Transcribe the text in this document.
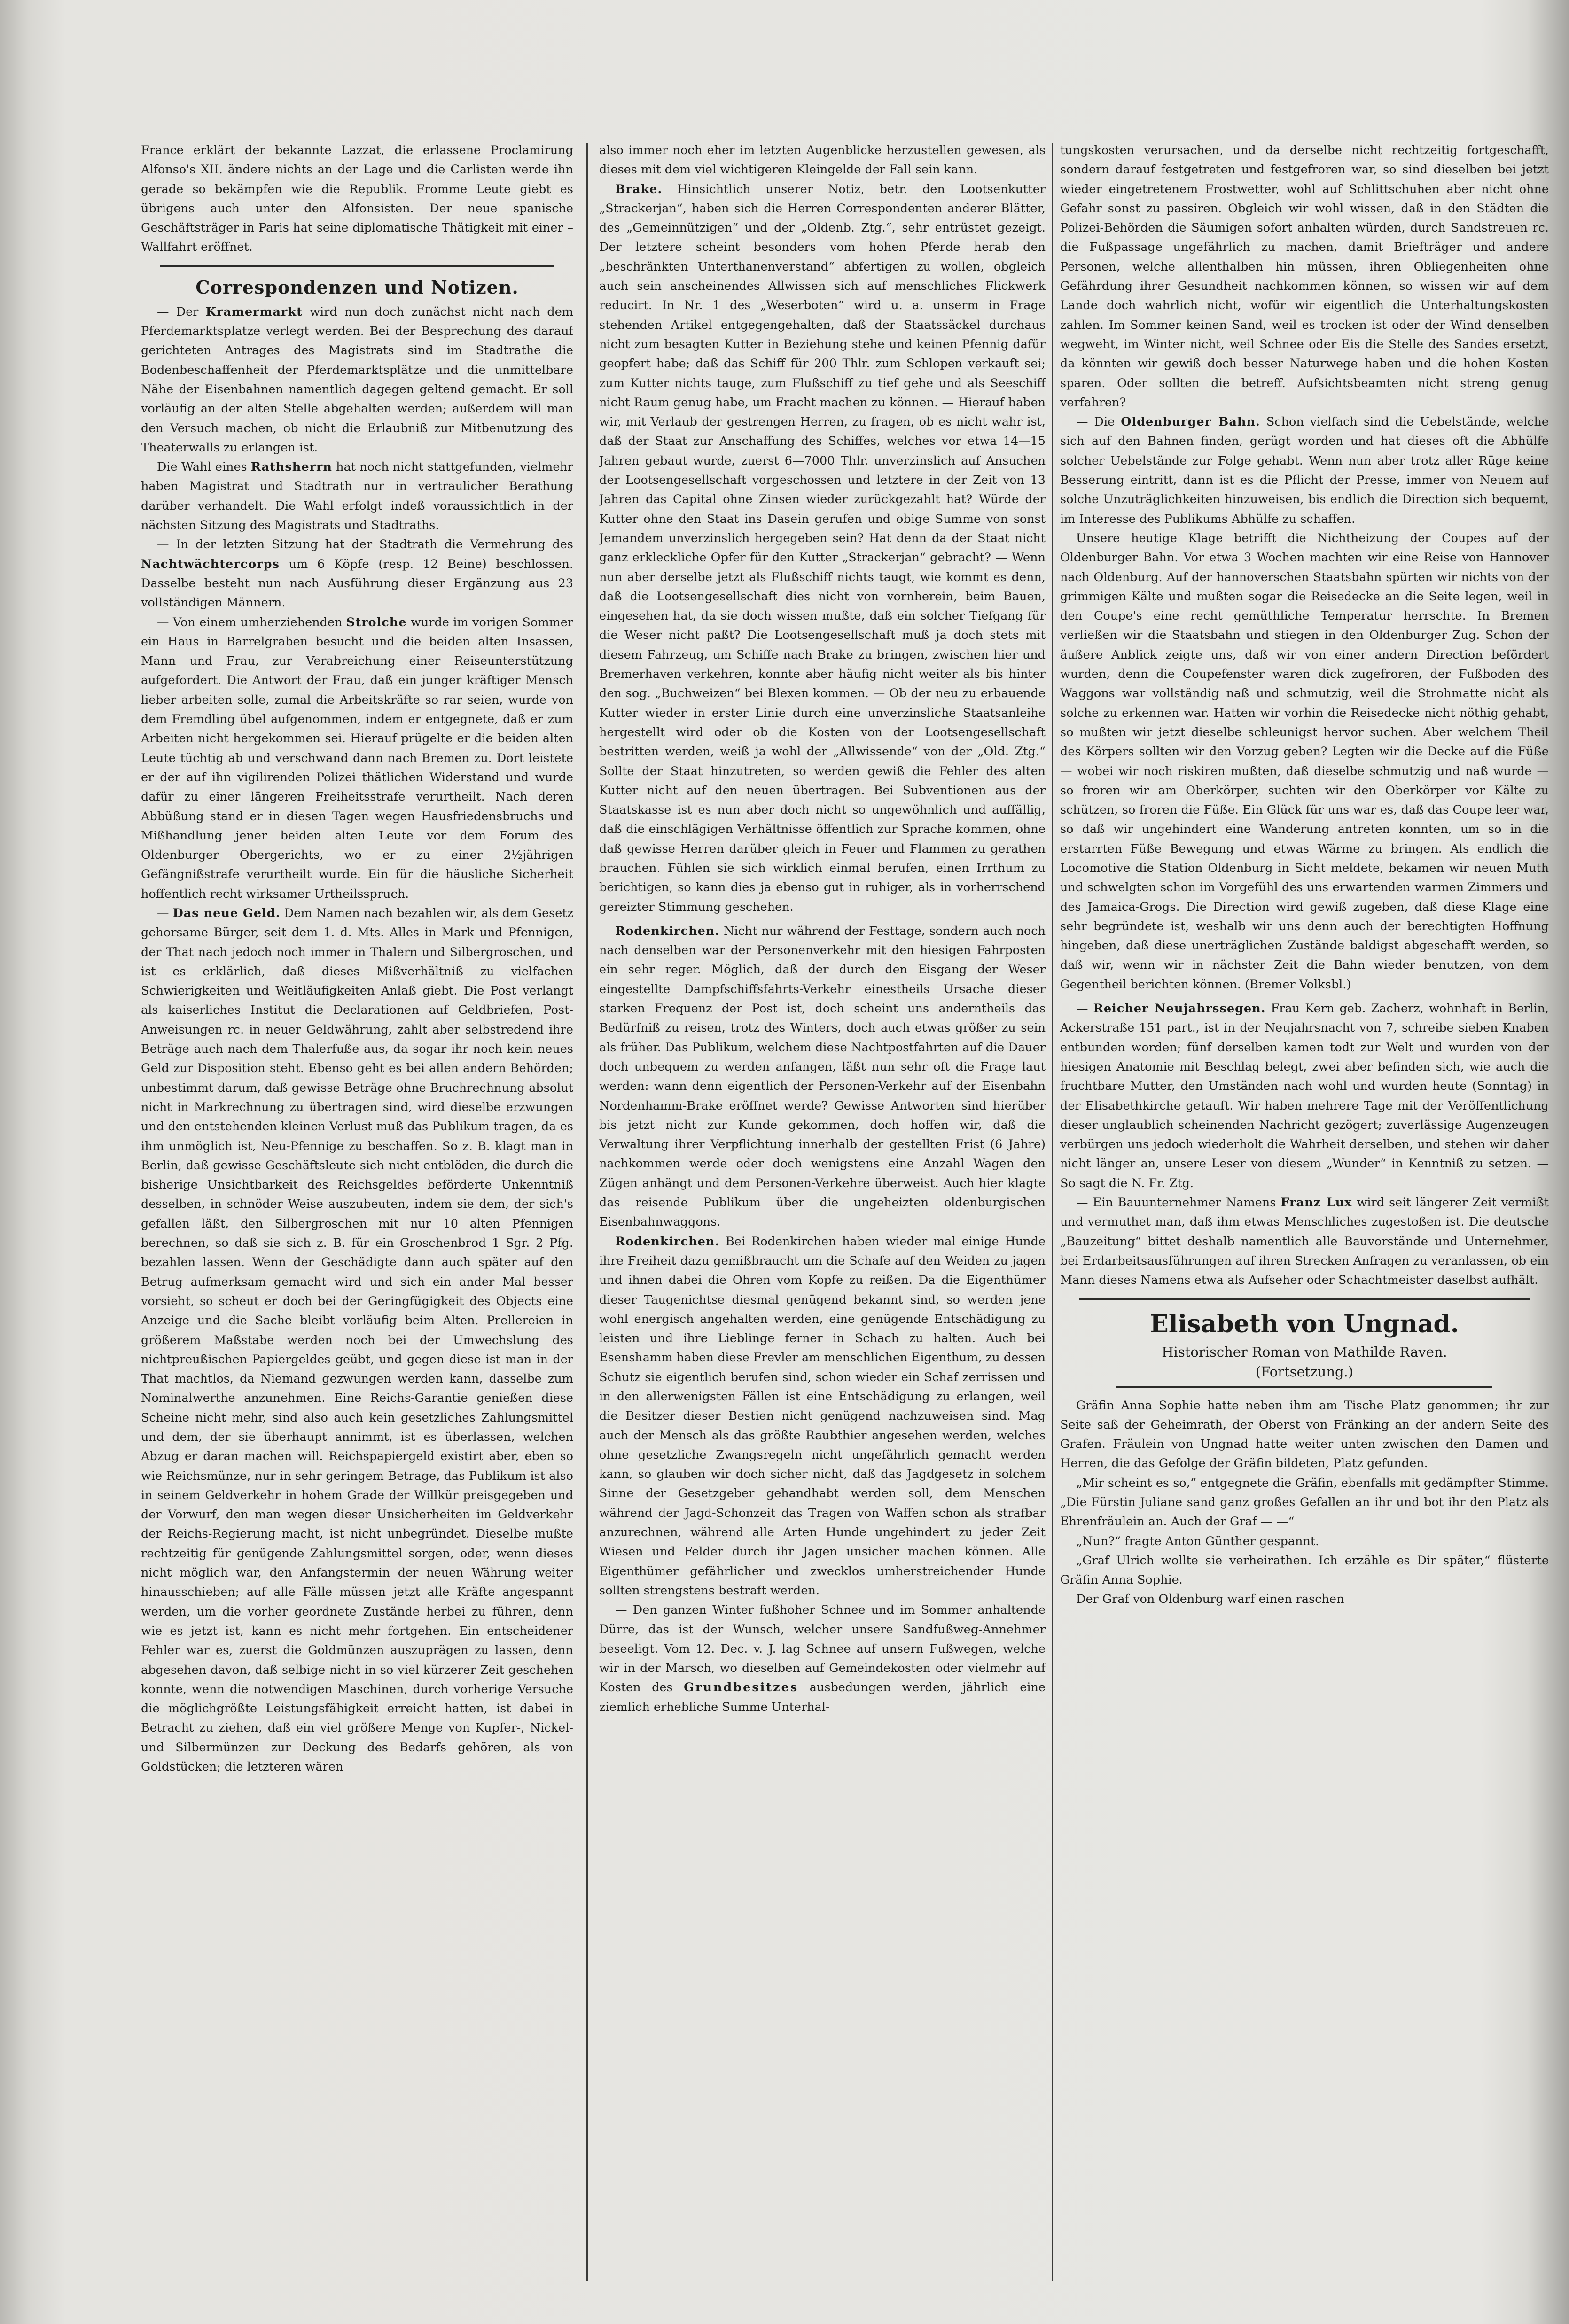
France erklärt der bekannte Lazzat, die erlassene Proclamirung Alfonso's XII. ändere nichts an der Lage und die Carlisten werde ihn gerade so bekämpfen wie die Republik. Fromme Leute giebt es übrigens auch unter den Alfonsisten. Der neue spanische Geschäftsträger in Paris hat seine diplomatische Thätigkeit mit einer – Wallfahrt eröffnet.

Correspondenzen und Notizen.

— Der Kramermarkt wird nun doch zunächst nicht nach dem Pferdemarktsplatze verlegt werden. Bei der Besprechung des darauf gerichteten Antrages des Magistrats sind im Stadtrathe die Bodenbeschaffenheit der Pferdemarktsplätze und die unmittelbare Nähe der Eisenbahnen namentlich dagegen geltend gemacht. Er soll vorläufig an der alten Stelle abgehalten werden; außerdem will man den Versuch machen, ob nicht die Erlaubniß zur Mitbenutzung des Theaterwalls zu erlangen ist.

Die Wahl eines Rathsherrn hat noch nicht stattgefunden, vielmehr haben Magistrat und Stadtrath nur in vertraulicher Berathung darüber verhandelt. Die Wahl erfolgt indeß voraussichtlich in der nächsten Sitzung des Magistrats und Stadtraths.

— In der letzten Sitzung hat der Stadtrath die Vermehrung des Nachtwächtercorps um 6 Köpfe (resp. 12 Beine) beschlossen. Dasselbe besteht nun nach Ausführung dieser Ergänzung aus 23 vollständigen Männern.

— Von einem umherziehenden Strolche wurde im vorigen Sommer ein Haus in Barrelgraben besucht und die beiden alten Insassen, Mann und Frau, zur Verabreichung einer Reiseunterstützung aufgefordert. Die Antwort der Frau, daß ein junger kräftiger Mensch lieber arbeiten solle, zumal die Arbeitskräfte so rar seien, wurde von dem Fremdling übel aufgenommen, indem er entgegnete, daß er zum Arbeiten nicht hergekommen sei. Hierauf prügelte er die beiden alten Leute tüchtig ab und verschwand dann nach Bremen zu. Dort leistete er der auf ihn vigilirenden Polizei thätlichen Widerstand und wurde dafür zu einer längeren Freiheitsstrafe verurtheilt. Nach deren Abbüßung stand er in diesen Tagen wegen Hausfriedensbruchs und Mißhandlung jener beiden alten Leute vor dem Forum des Oldenburger Obergerichts, wo er zu einer 2½jährigen Gefängnißstrafe verurtheilt wurde. Ein für die häusliche Sicherheit hoffentlich recht wirksamer Urtheilsspruch.

— Das neue Geld. Dem Namen nach bezahlen wir, als dem Gesetz gehorsame Bürger, seit dem 1. d. Mts. Alles in Mark und Pfennigen, der That nach jedoch noch immer in Thalern und Silbergroschen, und ist es erklärlich, daß dieses Mißverhältniß zu vielfachen Schwierigkeiten und Weitläufigkeiten Anlaß giebt. Die Post verlangt als kaiserliches Institut die Declarationen auf Geldbriefen, Post-Anweisungen rc. in neuer Geldwährung, zahlt aber selbstredend ihre Beträge auch nach dem Thalerfuße aus, da sogar ihr noch kein neues Geld zur Disposition steht. Ebenso geht es bei allen andern Behörden; unbestimmt darum, daß gewisse Beträge ohne Bruchrechnung absolut nicht in Markrechnung zu übertragen sind, wird dieselbe erzwungen und den entstehenden kleinen Verlust muß das Publikum tragen, da es ihm unmöglich ist, Neu-Pfennige zu beschaffen. So z. B. klagt man in Berlin, daß gewisse Geschäftsleute sich nicht entblöden, die durch die bisherige Unsichtbarkeit des Reichsgeldes beförderte Unkenntniß desselben, in schnöder Weise auszubeuten, indem sie dem, der sich's gefallen läßt, den Silbergroschen mit nur 10 alten Pfennigen berechnen, so daß sie sich z. B. für ein Groschenbrod 1 Sgr. 2 Pfg. bezahlen lassen. Wenn der Geschädigte dann auch später auf den Betrug aufmerksam gemacht wird und sich ein ander Mal besser vorsieht, so scheut er doch bei der Geringfügigkeit des Objects eine Anzeige und die Sache bleibt vorläufig beim Alten. Prellereien in größerem Maßstabe werden noch bei der Umwechslung des nichtpreußischen Papiergeldes geübt, und gegen diese ist man in der That machtlos, da Niemand gezwungen werden kann, dasselbe zum Nominalwerthe anzunehmen. Eine Reichs-Garantie genießen diese Scheine nicht mehr, sind also auch kein gesetzliches Zahlungsmittel und dem, der sie überhaupt annimmt, ist es überlassen, welchen Abzug er daran machen will. Reichspapiergeld existirt aber, eben so wie Reichsmünze, nur in sehr geringem Betrage, das Publikum ist also in seinem Geldverkehr in hohem Grade der Willkür preisgegeben und der Vorwurf, den man wegen dieser Unsicherheiten im Geldverkehr der Reichs-Regierung macht, ist nicht unbegründet. Dieselbe mußte rechtzeitig für genügende Zahlungsmittel sorgen, oder, wenn dieses nicht möglich war, den Anfangstermin der neuen Währung weiter hinausschieben; auf alle Fälle müssen jetzt alle Kräfte angespannt werden, um die vorher geordnete Zustände herbei zu führen, denn wie es jetzt ist, kann es nicht mehr fortgehen. Ein entscheidener Fehler war es, zuerst die Goldmünzen auszuprägen zu lassen, denn abgesehen davon, daß selbige nicht in so viel kürzerer Zeit geschehen konnte, wenn die notwendigen Maschinen, durch vorherige Versuche die möglichgrößte Leistungsfähigkeit erreicht hatten, ist dabei in Betracht zu ziehen, daß ein viel größere Menge von Kupfer-, Nickel- und Silbermünzen zur Deckung des Bedarfs gehören, als von Goldstücken; die letzteren wären

also immer noch eher im letzten Augenblicke herzustellen gewesen, als dieses mit dem viel wichtigeren Kleingelde der Fall sein kann.

Brake. Hinsichtlich unserer Notiz, betr. den Lootsenkutter „Strackerjan“, haben sich die Herren Correspondenten anderer Blätter, des „Gemeinnützigen“ und der „Oldenb. Ztg.“, sehr entrüstet gezeigt. Der letztere scheint besonders vom hohen Pferde herab den „beschränkten Unterthanenverstand“ abfertigen zu wollen, obgleich auch sein anscheinendes Allwissen sich auf menschliches Flickwerk reducirt. In Nr. 1 des „Weserboten“ wird u. a. unserm in Frage stehenden Artikel entgegengehalten, daß der Staatssäckel durchaus nicht zum besagten Kutter in Beziehung stehe und keinen Pfennig dafür geopfert habe; daß das Schiff für 200 Thlr. zum Schlopen verkauft sei; zum Kutter nichts tauge, zum Flußschiff zu tief gehe und als Seeschiff nicht Raum genug habe, um Fracht machen zu können. — Hierauf haben wir, mit Verlaub der gestrengen Herren, zu fragen, ob es nicht wahr ist, daß der Staat zur Anschaffung des Schiffes, welches vor etwa 14—15 Jahren gebaut wurde, zuerst 6—7000 Thlr. unverzinslich auf Ansuchen der Lootsengesellschaft vorgeschossen und letztere in der Zeit von 13 Jahren das Capital ohne Zinsen wieder zurückgezahlt hat? Würde der Kutter ohne den Staat ins Dasein gerufen und obige Summe von sonst Jemandem unverzinslich hergegeben sein? Hat denn da der Staat nicht ganz erkleckliche Opfer für den Kutter „Strackerjan“ gebracht? — Wenn nun aber derselbe jetzt als Flußschiff nichts taugt, wie kommt es denn, daß die Lootsengesellschaft dies nicht von vornherein, beim Bauen, eingesehen hat, da sie doch wissen mußte, daß ein solcher Tiefgang für die Weser nicht paßt? Die Lootsengesellschaft muß ja doch stets mit diesem Fahrzeug, um Schiffe nach Brake zu bringen, zwischen hier und Bremerhaven verkehren, konnte aber häufig nicht weiter als bis hinter den sog. „Buchweizen“ bei Blexen kommen. — Ob der neu zu erbauende Kutter wieder in erster Linie durch eine unverzinsliche Staatsanleihe hergestellt wird oder ob die Kosten von der Lootsengesellschaft bestritten werden, weiß ja wohl der „Allwissende“ von der „Old. Ztg.“ Sollte der Staat hinzutreten, so werden gewiß die Fehler des alten Kutter nicht auf den neuen übertragen. Bei Subventionen aus der Staatskasse ist es nun aber doch nicht so ungewöhnlich und auffällig, daß die einschlägigen Verhältnisse öffentlich zur Sprache kommen, ohne daß gewisse Herren darüber gleich in Feuer und Flammen zu gerathen brauchen. Fühlen sie sich wirklich einmal berufen, einen Irrthum zu berichtigen, so kann dies ja ebenso gut in ruhiger, als in vorherrschend gereizter Stimmung geschehen.

Rodenkirchen. Nicht nur während der Festtage, sondern auch noch nach denselben war der Personenverkehr mit den hiesigen Fahrposten ein sehr reger. Möglich, daß der durch den Eisgang der Weser eingestellte Dampfschiffsfahrts-Verkehr einestheils Ursache dieser starken Frequenz der Post ist, doch scheint uns anderntheils das Bedürfniß zu reisen, trotz des Winters, doch auch etwas größer zu sein als früher. Das Publikum, welchem diese Nachtpostfahrten auf die Dauer doch unbequem zu werden anfangen, läßt nun sehr oft die Frage laut werden: wann denn eigentlich der Personen-Verkehr auf der Eisenbahn Nordenhamm-Brake eröffnet werde? Gewisse Antworten sind hierüber bis jetzt nicht zur Kunde gekommen, doch hoffen wir, daß die Verwaltung ihrer Verpflichtung innerhalb der gestellten Frist (6 Jahre) nachkommen werde oder doch wenigstens eine Anzahl Wagen den Zügen anhängt und dem Personen-Verkehre überweist. Auch hier klagte das reisende Publikum über die ungeheizten oldenburgischen Eisenbahnwaggons.

Rodenkirchen. Bei Rodenkirchen haben wieder mal einige Hunde ihre Freiheit dazu gemißbraucht um die Schafe auf den Weiden zu jagen und ihnen dabei die Ohren vom Kopfe zu reißen. Da die Eigenthümer dieser Taugenichtse diesmal genügend bekannt sind, so werden jene wohl energisch angehalten werden, eine genügende Entschädigung zu leisten und ihre Lieblinge ferner in Schach zu halten. Auch bei Esenshamm haben diese Frevler am menschlichen Eigenthum, zu dessen Schutz sie eigentlich berufen sind, schon wieder ein Schaf zerrissen und in den allerwenigsten Fällen ist eine Entschädigung zu erlangen, weil die Besitzer dieser Bestien nicht genügend nachzuweisen sind. Mag auch der Mensch als das größte Raubthier angesehen werden, welches ohne gesetzliche Zwangsregeln nicht ungefährlich gemacht werden kann, so glauben wir doch sicher nicht, daß das Jagdgesetz in solchem Sinne der Gesetzgeber gehandhabt werden soll, dem Menschen während der Jagd-Schonzeit das Tragen von Waffen schon als strafbar anzurechnen, während alle Arten Hunde ungehindert zu jeder Zeit Wiesen und Felder durch ihr Jagen unsicher machen können. Alle Eigenthümer gefährlicher und zwecklos umherstreichender Hunde sollten strengstens bestraft werden.

— Den ganzen Winter fußhoher Schnee und im Sommer anhaltende Dürre, das ist der Wunsch, welcher unsere Sandfußweg-Annehmer beseeligt. Vom 12. Dec. v. J. lag Schnee auf unsern Fußwegen, welche wir in der Marsch, wo dieselben auf Gemeindekosten oder vielmehr auf Kosten des Grundbesitzes ausbedungen werden, jährlich eine ziemlich erhebliche Summe Unterhal-

tungskosten verursachen, und da derselbe nicht rechtzeitig fortgeschafft, sondern darauf festgetreten und festgefroren war, so sind dieselben bei jetzt wieder eingetretenem Frostwetter, wohl auf Schlittschuhen aber nicht ohne Gefahr sonst zu passiren. Obgleich wir wohl wissen, daß in den Städten die Polizei-Behörden die Säumigen sofort anhalten würden, durch Sandstreuen rc. die Fußpassage ungefährlich zu machen, damit Briefträger und andere Personen, welche allenthalben hin müssen, ihren Obliegenheiten ohne Gefährdung ihrer Gesundheit nachkommen können, so wissen wir auf dem Lande doch wahrlich nicht, wofür wir eigentlich die Unterhaltungskosten zahlen. Im Sommer keinen Sand, weil es trocken ist oder der Wind denselben wegweht, im Winter nicht, weil Schnee oder Eis die Stelle des Sandes ersetzt, da könnten wir gewiß doch besser Naturwege haben und die hohen Kosten sparen. Oder sollten die betreff. Aufsichtsbeamten nicht streng genug verfahren?

— Die Oldenburger Bahn. Schon vielfach sind die Uebelstände, welche sich auf den Bahnen finden, gerügt worden und hat dieses oft die Abhülfe solcher Uebelstände zur Folge gehabt. Wenn nun aber trotz aller Rüge keine Besserung eintritt, dann ist es die Pflicht der Presse, immer von Neuem auf solche Unzuträglichkeiten hinzuweisen, bis endlich die Direction sich bequemt, im Interesse des Publikums Abhülfe zu schaffen.

Unsere heutige Klage betrifft die Nichtheizung der Coupes auf der Oldenburger Bahn. Vor etwa 3 Wochen machten wir eine Reise von Hannover nach Oldenburg. Auf der hannoverschen Staatsbahn spürten wir nichts von der grimmigen Kälte und mußten sogar die Reisedecke an die Seite legen, weil in den Coupe's eine recht gemüthliche Temperatur herrschte. In Bremen verließen wir die Staatsbahn und stiegen in den Oldenburger Zug. Schon der äußere Anblick zeigte uns, daß wir von einer andern Direction befördert wurden, denn die Coupefenster waren dick zugefroren, der Fußboden des Waggons war vollständig naß und schmutzig, weil die Strohmatte nicht als solche zu erkennen war. Hatten wir vorhin die Reisedecke nicht nöthig gehabt, so mußten wir jetzt dieselbe schleunigst hervor suchen. Aber welchem Theil des Körpers sollten wir den Vorzug geben? Legten wir die Decke auf die Füße — wobei wir noch riskiren mußten, daß dieselbe schmutzig und naß wurde — so froren wir am Oberkörper, suchten wir den Oberkörper vor Kälte zu schützen, so froren die Füße. Ein Glück für uns war es, daß das Coupe leer war, so daß wir ungehindert eine Wanderung antreten konnten, um so in die erstarrten Füße Bewegung und etwas Wärme zu bringen. Als endlich die Locomotive die Station Oldenburg in Sicht meldete, bekamen wir neuen Muth und schwelgten schon im Vorgefühl des uns erwartenden warmen Zimmers und des Jamaica-Grogs. Die Direction wird gewiß zugeben, daß diese Klage eine sehr begründete ist, weshalb wir uns denn auch der berechtigten Hoffnung hingeben, daß diese unerträglichen Zustände baldigst abgeschafft werden, so daß wir, wenn wir in nächster Zeit die Bahn wieder benutzen, von dem Gegentheil berichten können. (Bremer Volksbl.)

— Reicher Neujahrssegen. Frau Kern geb. Zacherz, wohnhaft in Berlin, Ackerstraße 151 part., ist in der Neujahrsnacht von 7, schreibe sieben Knaben entbunden worden; fünf derselben kamen todt zur Welt und wurden von der hiesigen Anatomie mit Beschlag belegt, zwei aber befinden sich, wie auch die fruchtbare Mutter, den Umständen nach wohl und wurden heute (Sonntag) in der Elisabethkirche getauft. Wir haben mehrere Tage mit der Veröffentlichung dieser unglaublich scheinenden Nachricht gezögert; zuverlässige Augenzeugen verbürgen uns jedoch wiederholt die Wahrheit derselben, und stehen wir daher nicht länger an, unsere Leser von diesem „Wunder“ in Kenntniß zu setzen. — So sagt die N. Fr. Ztg.

— Ein Bauunternehmer Namens Franz Lux wird seit längerer Zeit vermißt und vermuthet man, daß ihm etwas Menschliches zugestoßen ist. Die deutsche „Bauzeitung“ bittet deshalb namentlich alle Bauvorstände und Unternehmer, bei Erdarbeitsausführungen auf ihren Strecken Anfragen zu veranlassen, ob ein Mann dieses Namens etwa als Aufseher oder Schachtmeister daselbst aufhält.

Elisabeth von Ungnad.

Historischer Roman von Mathilde Raven.

(Fortsetzung.)

Gräfin Anna Sophie hatte neben ihm am Tische Platz genommen; ihr zur Seite saß der Geheimrath, der Oberst von Fränking an der andern Seite des Grafen. Fräulein von Ungnad hatte weiter unten zwischen den Damen und Herren, die das Gefolge der Gräfin bildeten, Platz gefunden.

„Mir scheint es so,“ entgegnete die Gräfin, ebenfalls mit gedämpfter Stimme. „Die Fürstin Juliane sand ganz großes Gefallen an ihr und bot ihr den Platz als Ehrenfräulein an. Auch der Graf — —“

„Nun?“ fragte Anton Günther gespannt.

„Graf Ulrich wollte sie verheirathen. Ich erzähle es Dir später,“ flüsterte Gräfin Anna Sophie.

Der Graf von Oldenburg warf einen raschen
